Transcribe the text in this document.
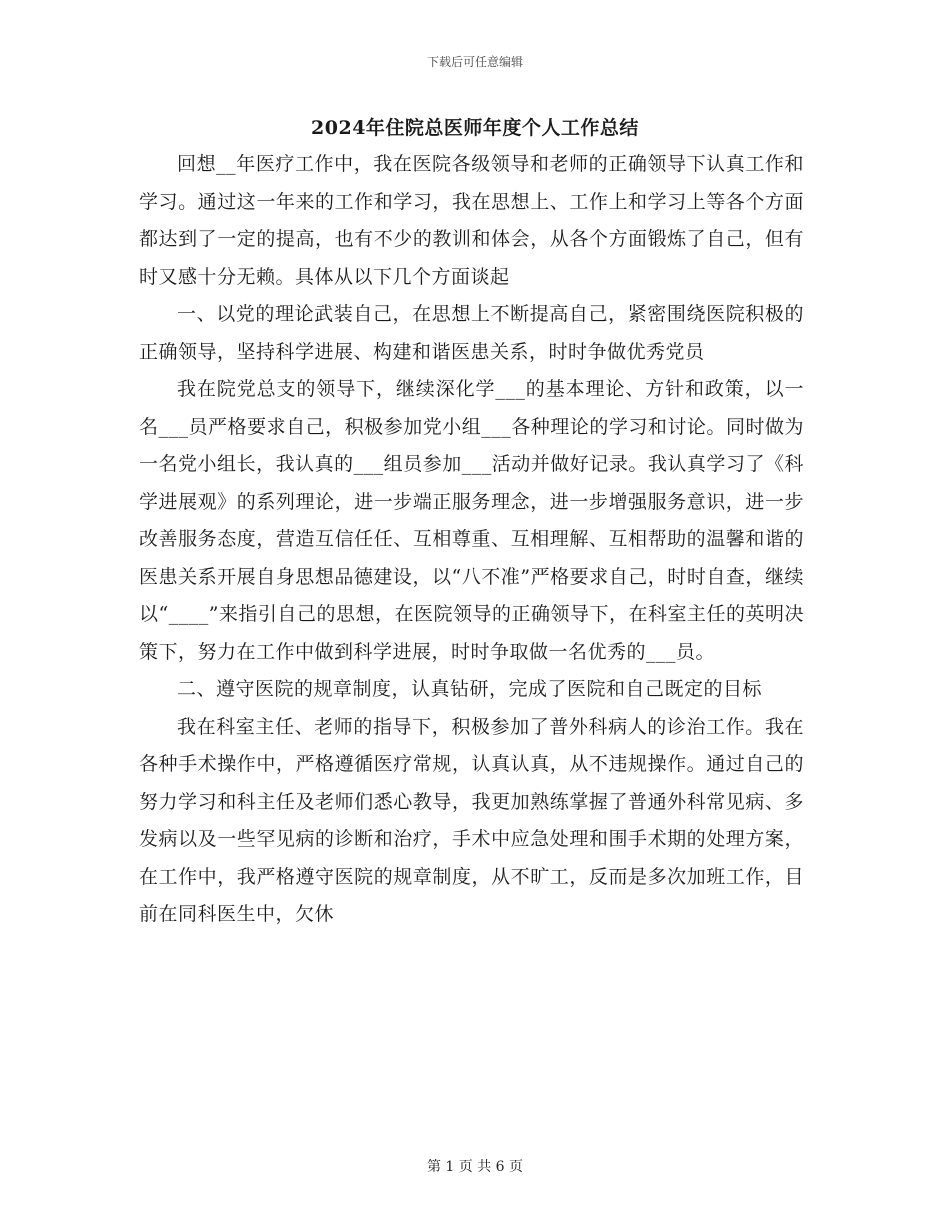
下载后可任意编辑
2024年住院总医师年度个人工作总结

回想__年医疗工作中，我在医院各级领导和老师的正确领导下认真工作和学习。通过这一年来的工作和学习，我在思想上、工作上和学习上等各个方面都达到了一定的提高，也有不少的教训和体会，从各个方面锻炼了自己，但有时又感十分无赖。具体从以下几个方面谈起

一、以党的理论武装自己，在思想上不断提高自己，紧密围绕医院积极的正确领导，坚持科学进展、构建和谐医患关系，时时争做优秀党员

我在院党总支的领导下，继续深化学___的基本理论、方针和政策，以一名___员严格要求自己，积极参加党小组___各种理论的学习和讨论。同时做为一名党小组长，我认真的___组员参加___活动并做好记录。我认真学习了《科学进展观》的系列理论，进一步端正服务理念，进一步增强服务意识，进一步改善服务态度，营造互信任任、互相尊重、互相理解、互相帮助的温馨和谐的医患关系开展自身思想品德建设，以“八不准”严格要求自己，时时自查，继续以“____”来指引自己的思想，在医院领导的正确领导下，在科室主任的英明决策下，努力在工作中做到科学进展，时时争取做一名优秀的___员。

二、遵守医院的规章制度，认真钻研，完成了医院和自己既定的目标

我在科室主任、老师的指导下，积极参加了普外科病人的诊治工作。我在各种手术操作中，严格遵循医疗常规，认真认真，从不违规操作。通过自己的努力学习和科主任及老师们悉心教导，我更加熟练掌握了普通外科常见病、多发病以及一些罕见病的诊断和治疗，手术中应急处理和围手术期的处理方案，在工作中，我严格遵守医院的规章制度，从不旷工，反而是多次加班工作，目前在同科医生中，欠休

第 1 页 共 6 页
